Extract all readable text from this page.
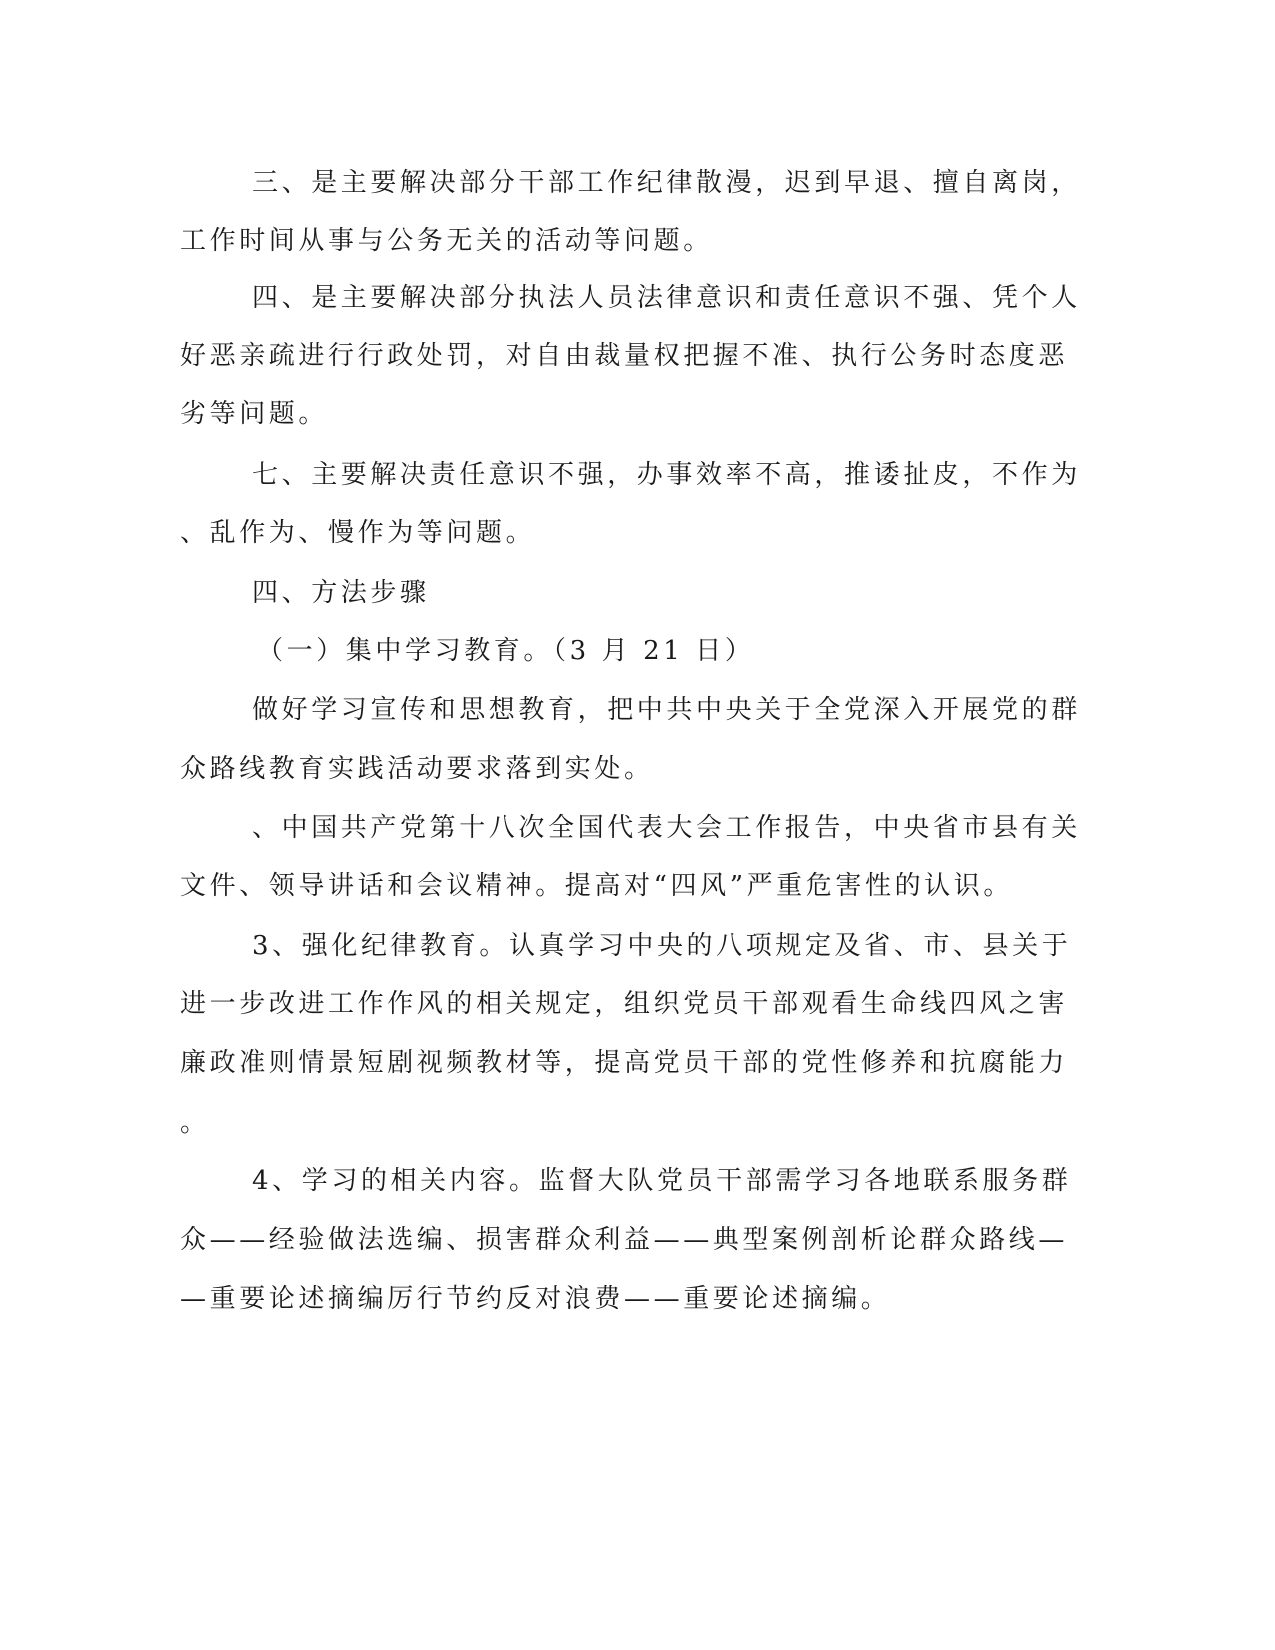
三、是主要解决部分干部工作纪律散漫，迟到早退、擅自离岗，
工作时间从事与公务无关的活动等问题。
四、是主要解决部分执法人员法律意识和责任意识不强、凭个人
好恶亲疏进行行政处罚，对自由裁量权把握不准、执行公务时态度恶
劣等问题。
七、主要解决责任意识不强，办事效率不高，推诿扯皮，不作为
、乱作为、慢作为等问题。
四、方法步骤
（一）集中学习教育。（3 月 21 日）
做好学习宣传和思想教育，把中共中央关于全党深入开展党的群
众路线教育实践活动要求落到实处。
、中国共产党第十八次全国代表大会工作报告，中央省市县有关
文件、领导讲话和会议精神。提高对“四风”严重危害性的认识。
3、强化纪律教育。认真学习中央的八项规定及省、市、县关于
进一步改进工作作风的相关规定，组织党员干部观看生命线四风之害
廉政准则情景短剧视频教材等，提高党员干部的党性修养和抗腐能力
。
4、学习的相关内容。监督大队党员干部需学习各地联系服务群
众——经验做法选编、损害群众利益——典型案例剖析论群众路线—
—重要论述摘编厉行节约反对浪费——重要论述摘编。
